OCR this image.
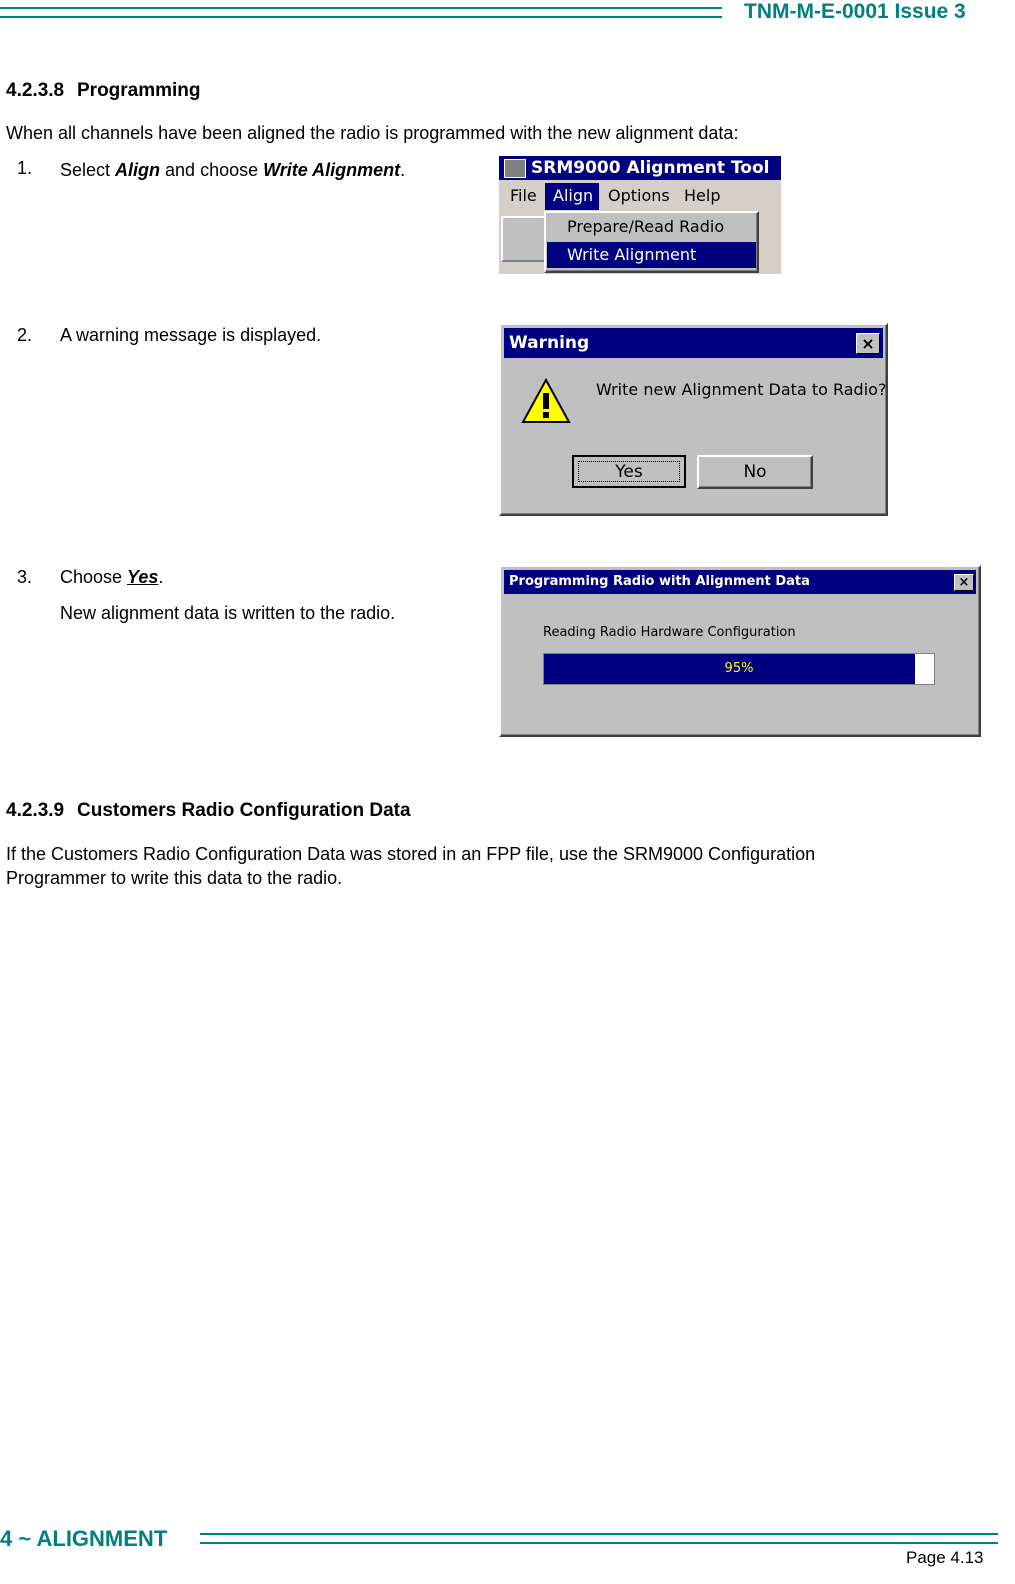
TNM-M-E-0001 Issue 3
4.2.3.8 Programming
When all channels have been aligned the radio is programmed with the new alignment data:
1. Select Align and choose Write Alignment.	SRM9000 Alignment Tool
File Align Options Help
Prepare/Read Radio
Write Alignment
2. A warning message is displayed.	Warning	×
Write new Alignment Data to Radio?
Yes	No
3. Choose Yes.
New alignment data is written to the radio.
Programming Radio with Alignment Data	×
Reading Radio Hardware Configuration
95%
4.2.3.9 Customers Radio Configuration Data
If the Customers Radio Configuration Data was stored in an FPP file, use the SRM9000 Configuration
Programmer to write this data to the radio.
4 ~ ALIGNMENT
Page 4.13
